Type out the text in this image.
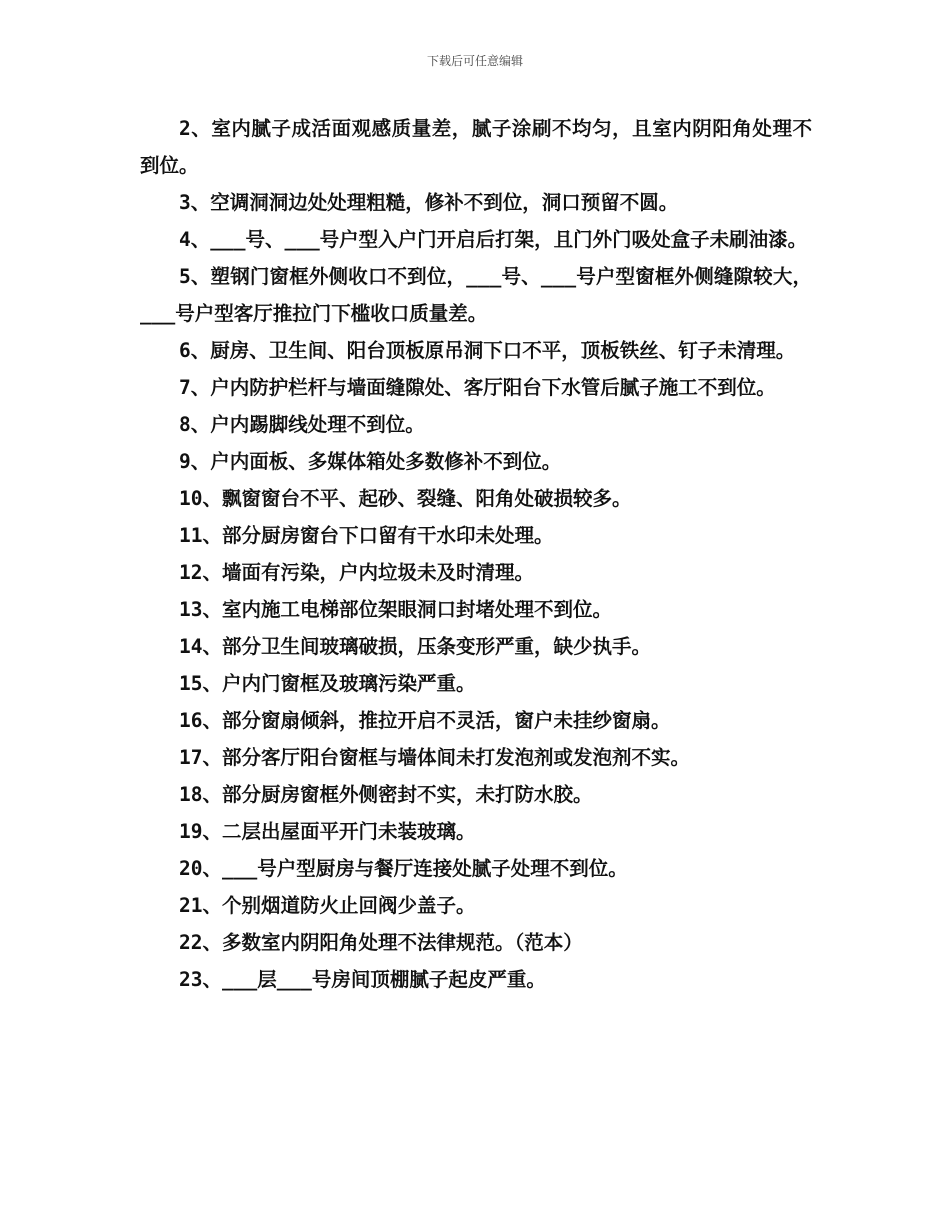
下载后可任意编辑

2、室内腻子成活面观感质量差，腻子涂刷不均匀，且室内阴阳角处理不到位。

3、空调洞洞边处处理粗糙，修补不到位，洞口预留不圆。

4、___号、___号户型入户门开启后打架，且门外门吸处盒子未刷油漆。

5、塑钢门窗框外侧收口不到位，___号、___号户型窗框外侧缝隙较大，___号户型客厅推拉门下槛收口质量差。

6、厨房、卫生间、阳台顶板原吊洞下口不平，顶板铁丝、钉子未清理。

7、户内防护栏杆与墙面缝隙处、客厅阳台下水管后腻子施工不到位。

8、户内踢脚线处理不到位。

9、户内面板、多媒体箱处多数修补不到位。

10、飘窗窗台不平、起砂、裂缝、阳角处破损较多。

11、部分厨房窗台下口留有干水印未处理。

12、墙面有污染，户内垃圾未及时清理。

13、室内施工电梯部位架眼洞口封堵处理不到位。

14、部分卫生间玻璃破损，压条变形严重，缺少执手。

15、户内门窗框及玻璃污染严重。

16、部分窗扇倾斜，推拉开启不灵活，窗户未挂纱窗扇。

17、部分客厅阳台窗框与墙体间未打发泡剂或发泡剂不实。

18、部分厨房窗框外侧密封不实，未打防水胶。

19、二层出屋面平开门未装玻璃。

20、___号户型厨房与餐厅连接处腻子处理不到位。

21、个别烟道防火止回阀少盖子。

22、多数室内阴阳角处理不法律规范。（范本）

23、___层___号房间顶棚腻子起皮严重。
